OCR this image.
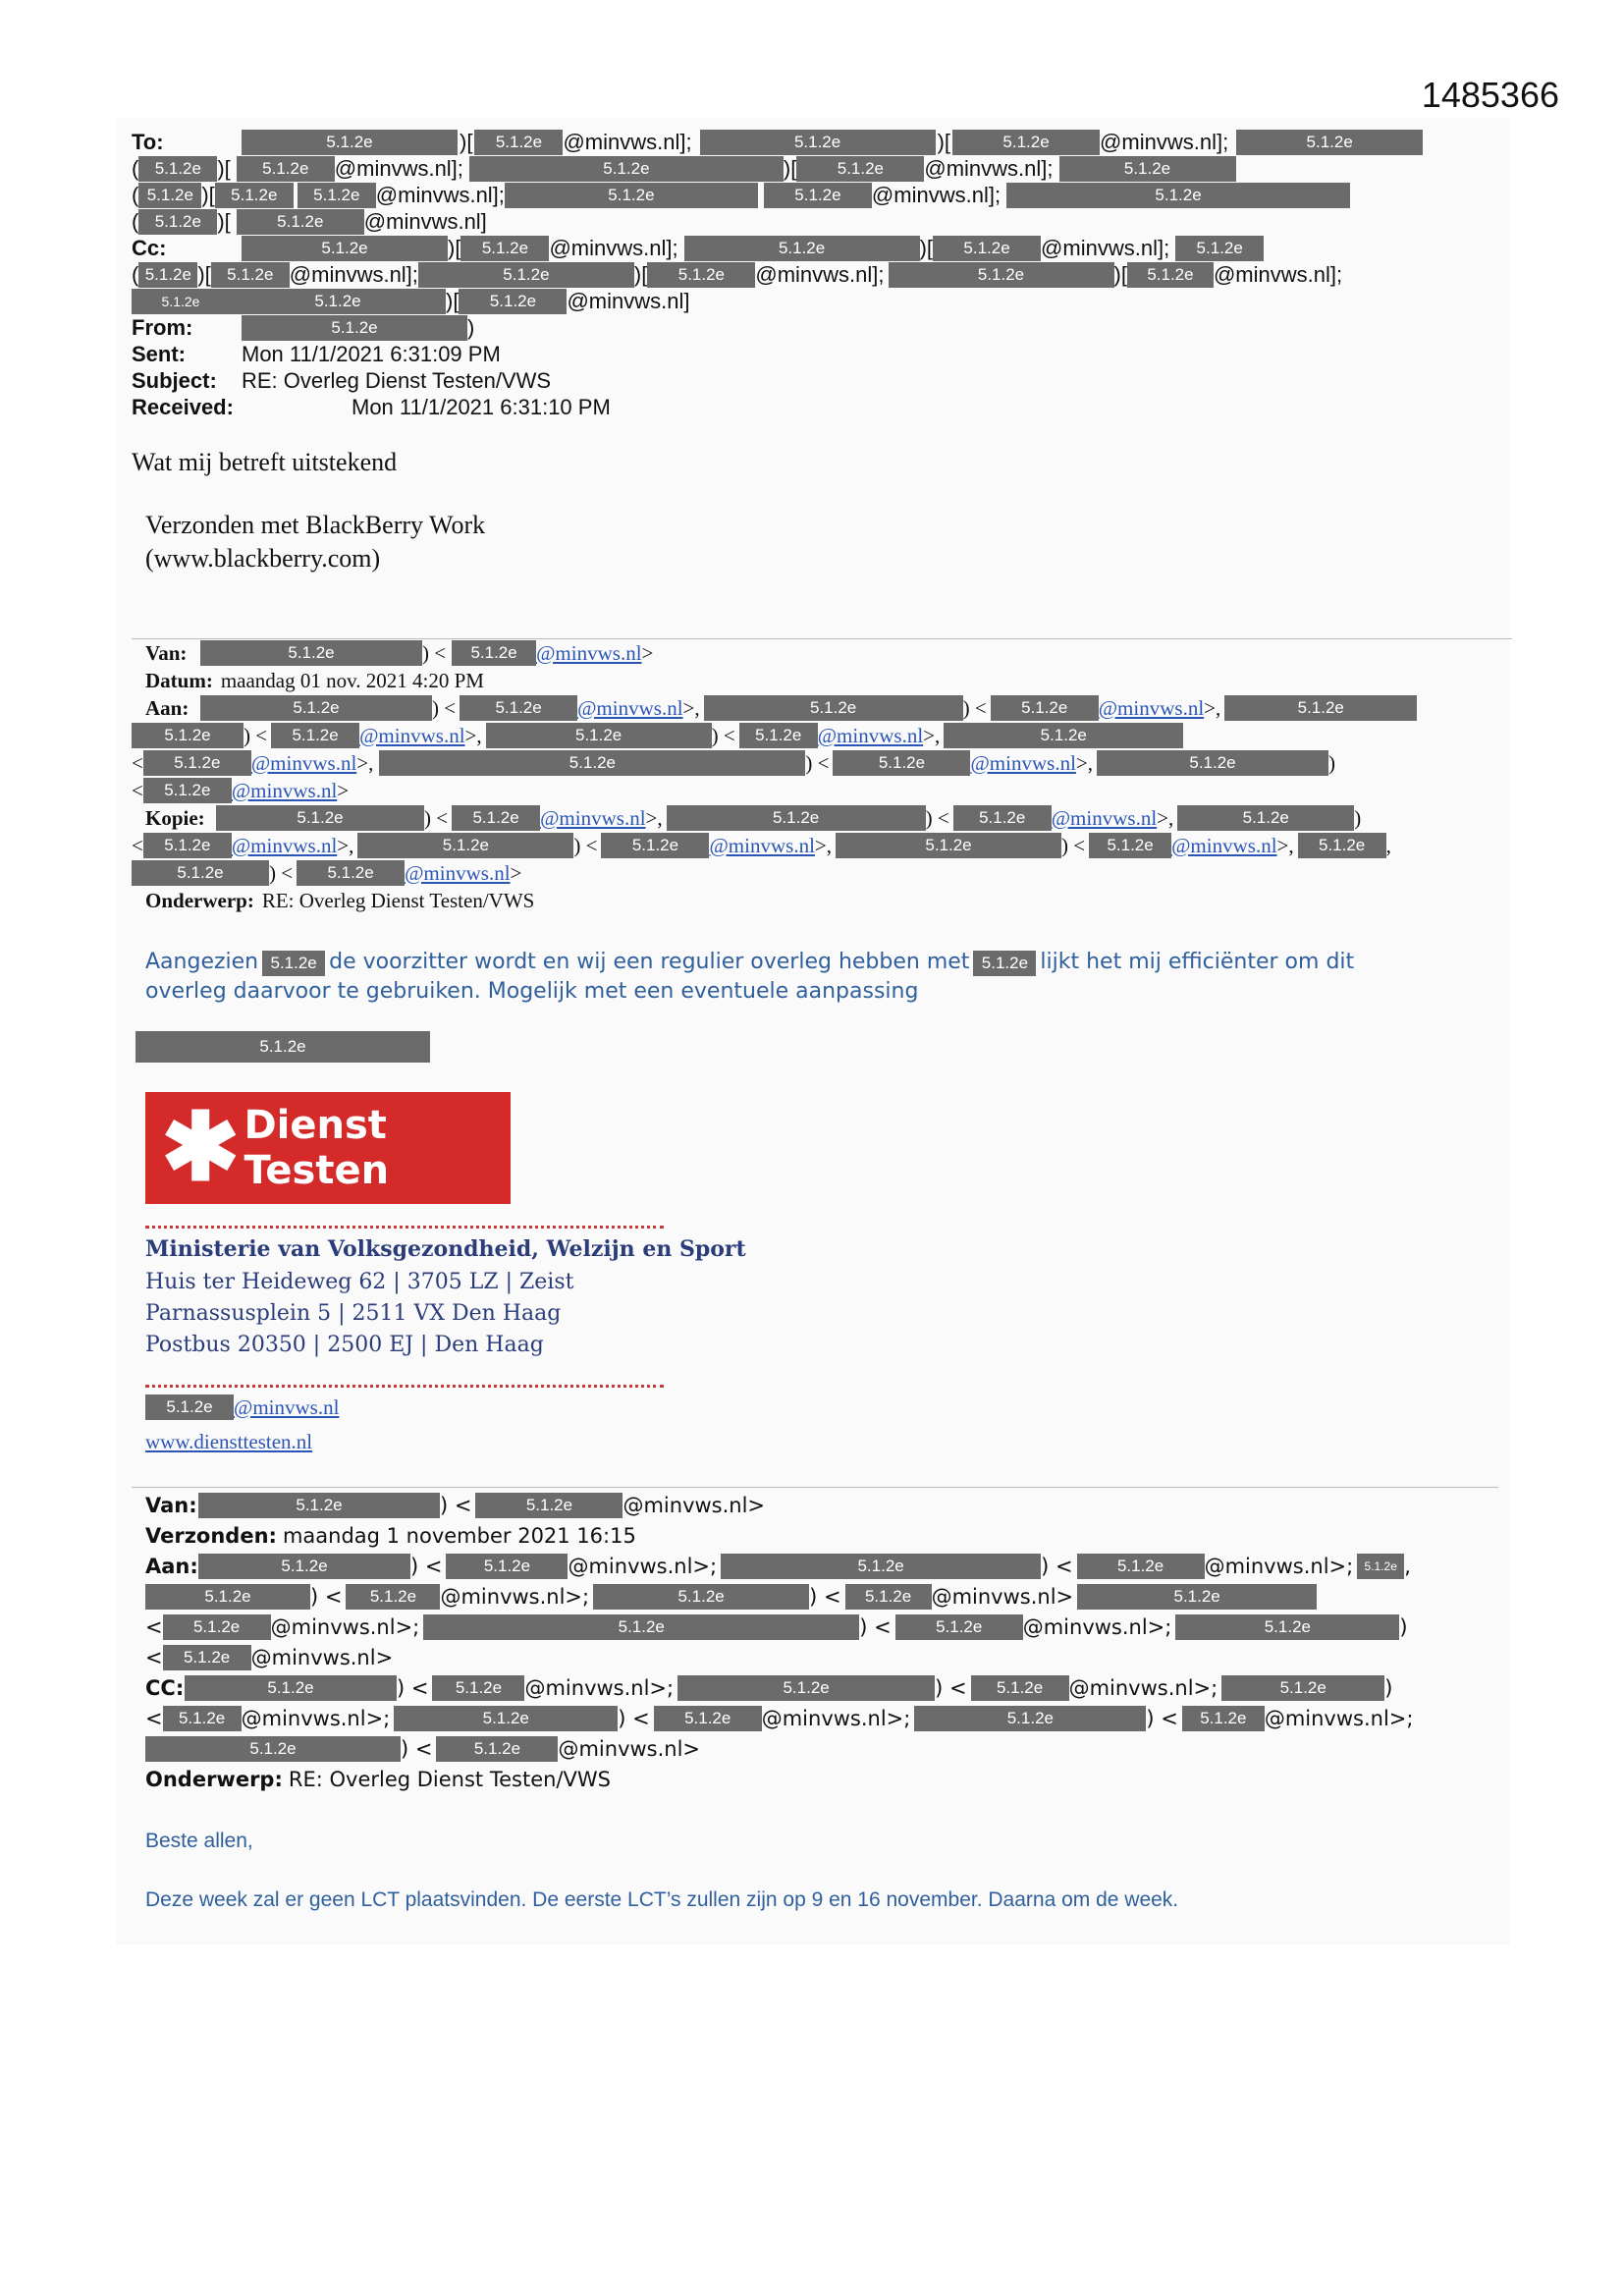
1485366
To:	5.1.2e	)[	5.1.2e @minvws.nl];	5.1.2e	)[	5.1.2e	@minvws.nl];	5.1.2e
( 5.1.2e )[	5.1.2e	@minvws.nl];	5.1.2e	)[	5.1.2e	@minvws.nl];	5.1.2e
( 5.1.2e )[ 5.1.2e	5.1.2e @minvws.nl];	5.1.2e	5.1.2e	@minvws.nl];	5.1.2e
( 5.1.2e )[	5.1.2e	@minvws.nl]
Cc:	5.1.2e	)[	5.1.2e @minvws.nl];	5.1.2e	)[	5.1.2e	@minvws.nl];	5.1.2e
( 5.1.2e )[ 5.1.2e @minvws.nl];	5.1.2e	)[	5.1.2e	@minvws.nl];	5.1.2e	)[	5.1.2e @minvws.nl];
5.1.2e	5.1.2e	)[	5.1.2e	@minvws.nl]
From:	5.1.2e	)
Sent:	Mon 11/1/2021 6:31:09 PM
Subject:	RE: Overleg Dienst Testen/VWS
Received:	Mon 11/1/2021 6:31:10 PM
Wat mij betreft uitstekend
Verzonden met BlackBerry Work
(www.blackberry.com)
Van:	5.1.2e	) <	5.1.2e @minvws.nl >
Datum: maandag 01 nov. 2021 4:20 PM
Aan:	5.1.2e	) <	5.1.2e	@minvws.nl >,	5.1.2e	) <	5.1.2e	@minvws.nl >,	5.1.2e
5.1.2e	) <	5.1.2e	@minvws.nl >,	5.1.2e	) <	5.1.2e @minvws.nl >,	5.1.2e
<	5.1.2e	@minvws.nl >,	5.1.2e	) <	5.1.2e	@minvws.nl >,	5.1.2e	)
<	5.1.2e	@minvws.nl >
Kopie:	5.1.2e	) <	5.1.2e	@minvws.nl >,	5.1.2e	) <	5.1.2e	@minvws.nl >,	5.1.2e	)
<	5.1.2e	@minvws.nl >,	5.1.2e	) <	5.1.2e	@minvws.nl >,	5.1.2e	) <	5.1.2e @minvws.nl >,	5.1.2e	,
5.1.2e	) <	5.1.2e	@minvws.nl >
Onderwerp: RE: Overleg Dienst Testen/VWS
Aangezien 5.1.2e de voorzitter wordt en wij een regulier overleg hebben met 5.1.2e lijkt het mij efficiënter om dit
overleg daarvoor te gebruiken. Mogelijk met een eventuele aanpassing
5.1.2e
✱ Dienst Testen
Ministerie van Volksgezondheid, Welzijn en Sport
Huis ter Heideweg 62 | 3705 LZ | Zeist
Parnassusplein 5 | 2511 VX Den Haag
Postbus 20350 | 2500 EJ | Den Haag
5.1.2e	@minvws.nl
www.diensttesten.nl
Van:	5.1.2e	) <	5.1.2e	@minvws.nl>
Verzonden: maandag 1 november 2021 16:15
Aan:	5.1.2e	) <	5.1.2e	@minvws.nl>;	5.1.2e	) <	5.1.2e	@minvws.nl>; 5.1.2e ,
5.1.2e	) <	5.1.2e	@minvws.nl>;	5.1.2e	) <	5.1.2e @minvws.nl>	5.1.2e
<	5.1.2e	@minvws.nl>;	5.1.2e	) <	5.1.2e	@minvws.nl>;	5.1.2e	)
<	5.1.2e	@minvws.nl>
CC:	5.1.2e	) <	5.1.2e	@minvws.nl>;	5.1.2e	) <	5.1.2e	@minvws.nl>;	5.1.2e	)
< 5.1.2e @minvws.nl>;	5.1.2e	) <	5.1.2e	@minvws.nl>;	5.1.2e	) <	5.1.2e @minvws.nl>;
5.1.2e	) <	5.1.2e	@minvws.nl>
Onderwerp: RE: Overleg Dienst Testen/VWS
Beste allen,
Deze week zal er geen LCT plaatsvinden. De eerste LCT’s zullen zijn op 9 en 16 november. Daarna om de week.
